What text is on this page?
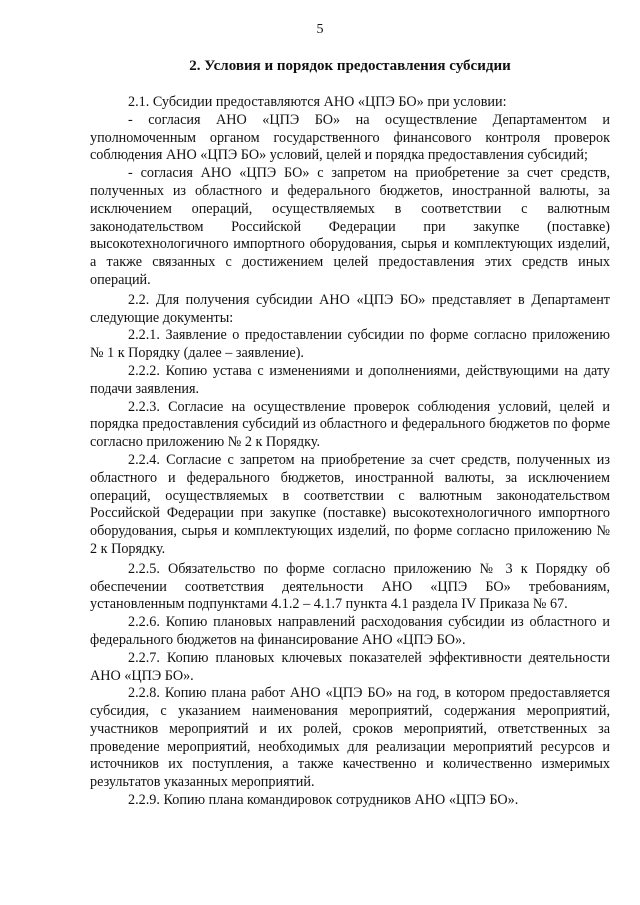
5
2. Условия и порядок предоставления субсидии

2.1. Субсидии предоставляются АНО «ЦПЭ БО» при условии:

- согласия АНО «ЦПЭ БО» на осуществление Департаментом и уполномоченным органом государственного финансового контроля проверок соблюдения АНО «ЦПЭ БО» условий, целей и порядка предоставления субсидий;

- согласия АНО «ЦПЭ БО» с запретом на приобретение за счет средств, полученных из областного и федерального бюджетов, иностранной валюты, за исключением операций, осуществляемых в соответствии с валютным законодательством Российской Федерации при закупке (поставке) высокотехнологичного импортного оборудования, сырья и комплектующих изделий, а также связанных с достижением целей предоставления этих средств иных операций.

2.2. Для получения субсидии АНО «ЦПЭ БО» представляет в Департамент следующие документы:

2.2.1. Заявление о предоставлении субсидии по форме согласно приложению № 1 к Порядку (далее – заявление).

2.2.2. Копию устава с изменениями и дополнениями, действующими на дату подачи заявления.

2.2.3. Согласие на осуществление проверок соблюдения условий, целей и порядка предоставления субсидий из областного и федерального бюджетов по форме согласно приложению № 2 к Порядку.

2.2.4. Согласие с запретом на приобретение за счет средств, полученных из областного и федерального бюджетов, иностранной валюты, за исключением операций, осуществляемых в соответствии с валютным законодательством Российской Федерации при закупке (поставке) высокотехнологичного импортного оборудования, сырья и комплектующих изделий, по форме согласно приложению № 2 к Порядку.

2.2.5. Обязательство по форме согласно приложению № 3 к Порядку об обеспечении соответствия деятельности АНО «ЦПЭ БО» требованиям, установленным подпунктами 4.1.2 – 4.1.7 пункта 4.1 раздела IV Приказа № 67.

2.2.6. Копию плановых направлений расходования субсидии из областного и федерального бюджетов на финансирование АНО «ЦПЭ БО».

2.2.7. Копию плановых ключевых показателей эффективности деятельности АНО «ЦПЭ БО».

2.2.8. Копию плана работ АНО «ЦПЭ БО» на год, в котором предоставляется субсидия, с указанием наименования мероприятий, содержания мероприятий, участников мероприятий и их ролей, сроков мероприятий, ответственных за проведение мероприятий, необходимых для реализации мероприятий ресурсов и источников их поступления, а также качественно и количественно измеримых результатов указанных мероприятий.

2.2.9. Копию плана командировок сотрудников АНО «ЦПЭ БО».
